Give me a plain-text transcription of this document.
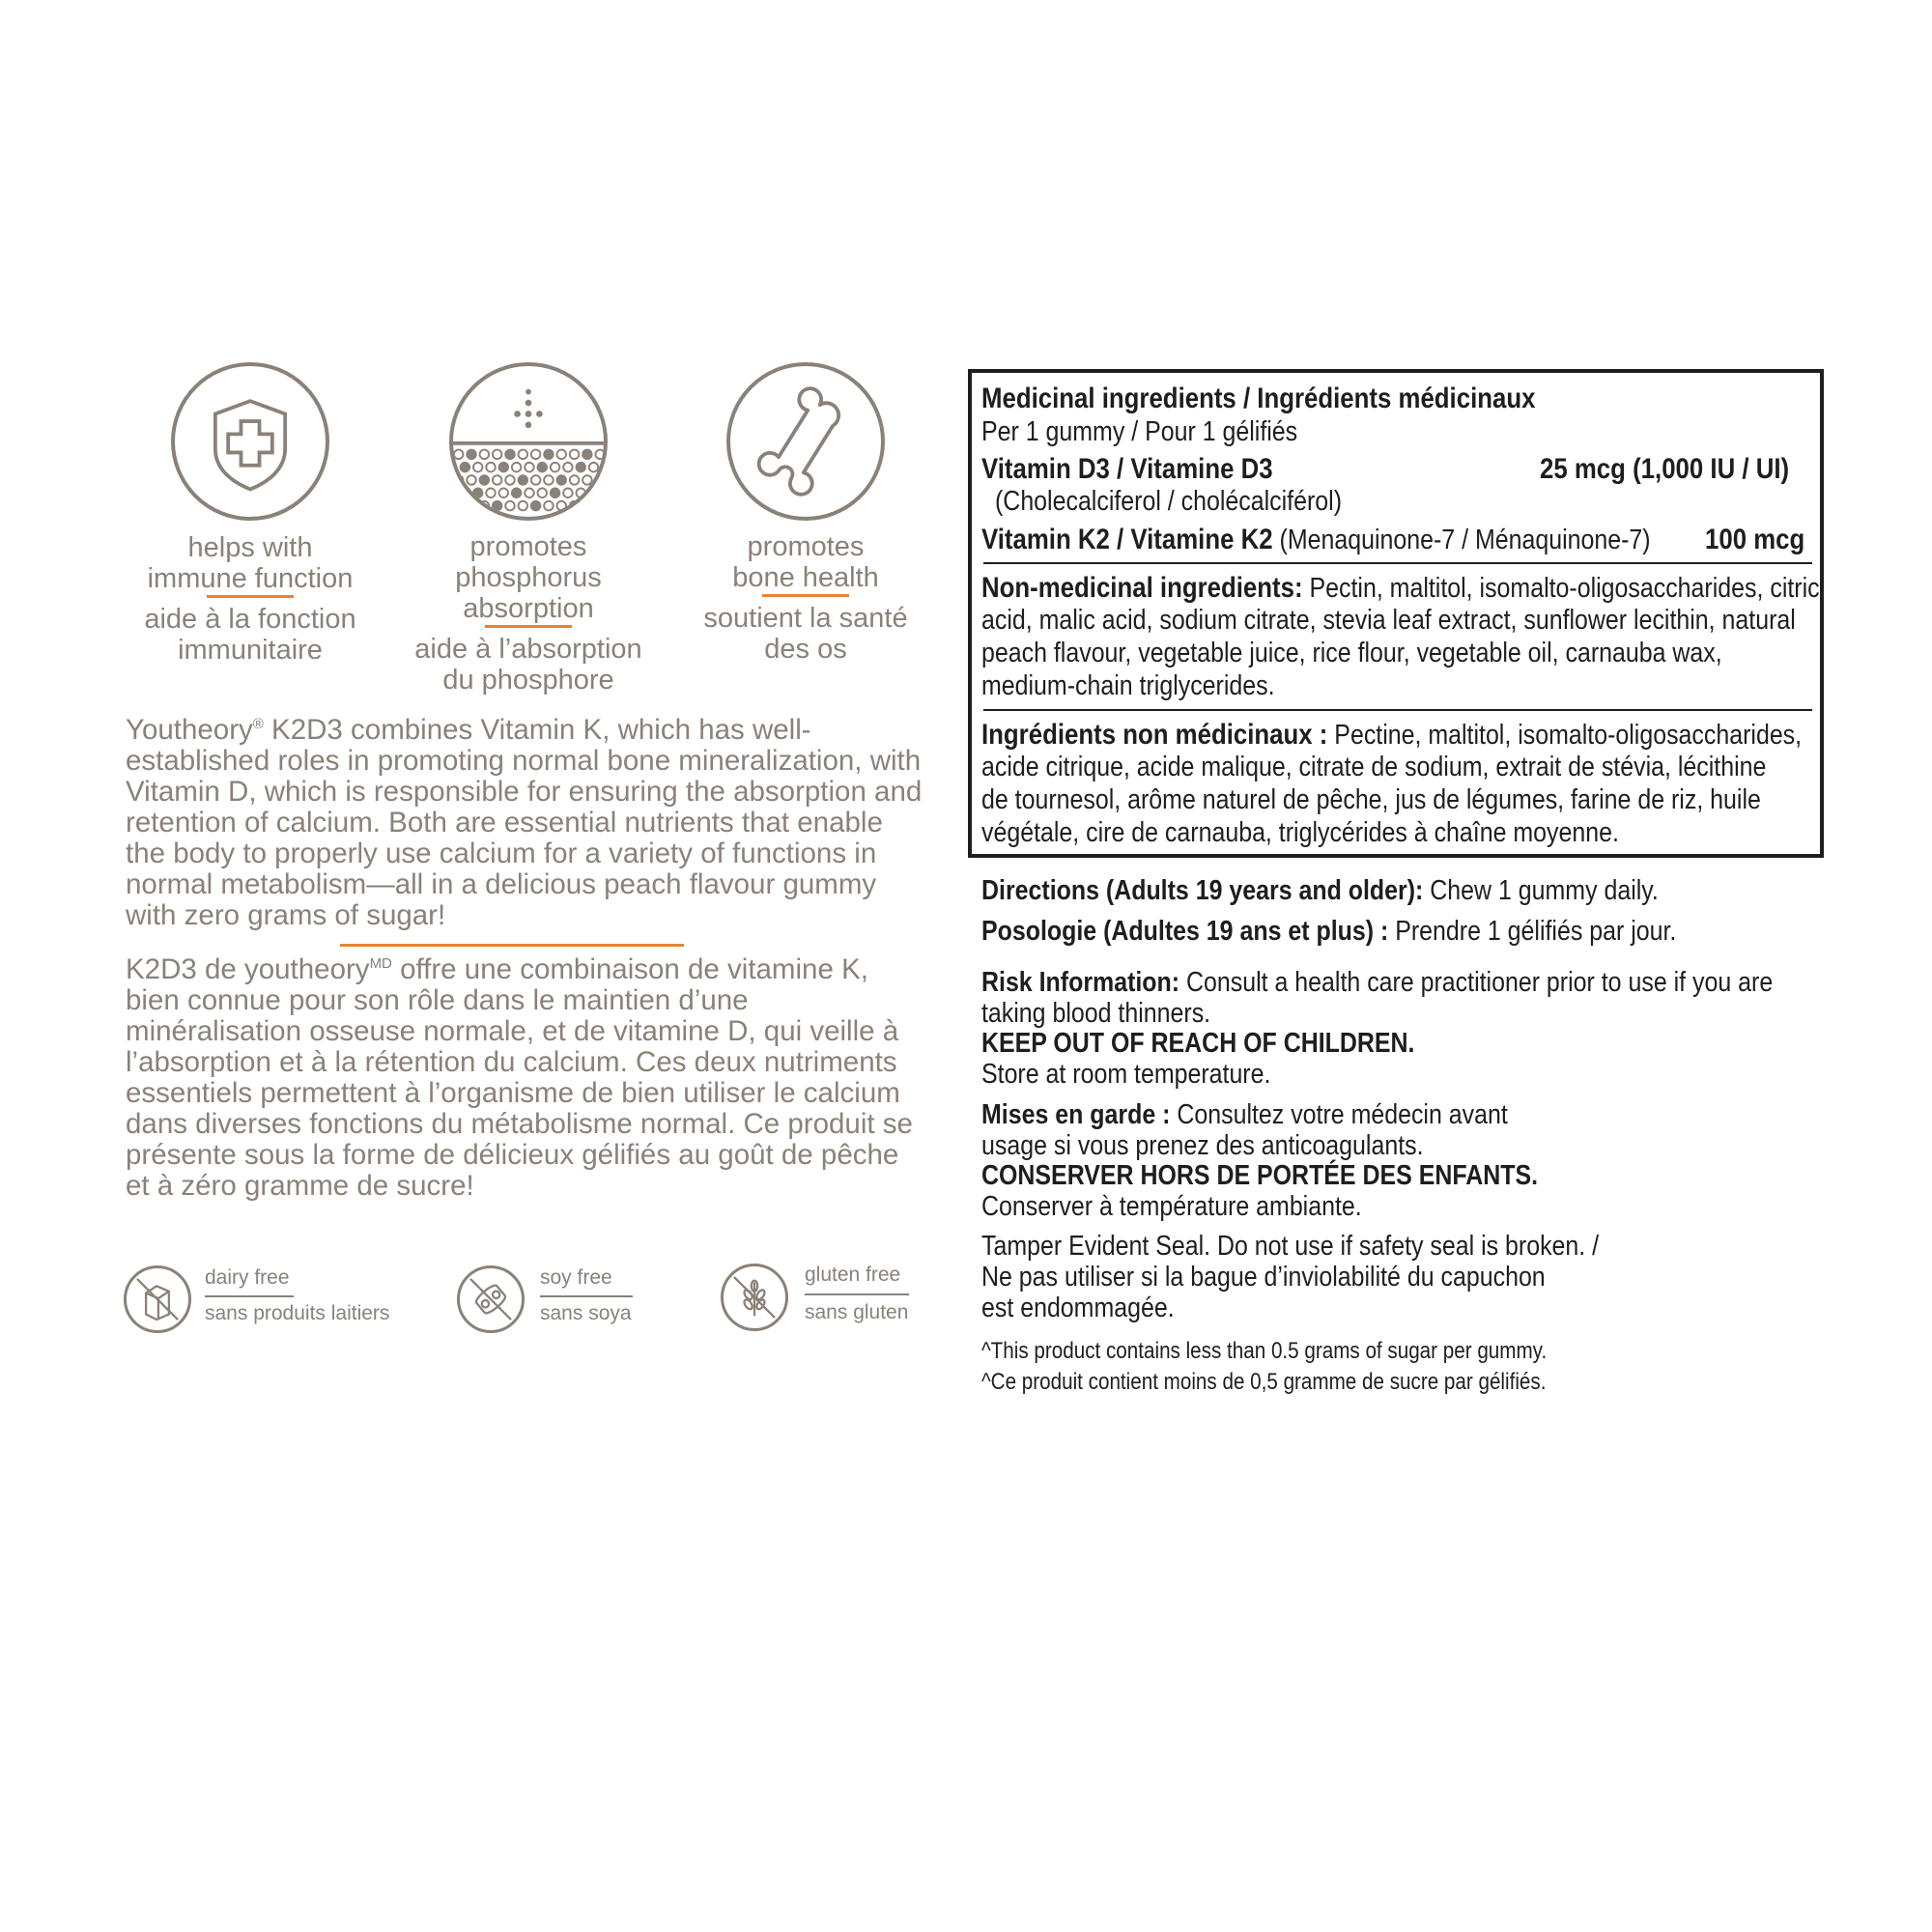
helps with
immune function
aide à la fonction
immunitaire
promotes
phosphorus
absorption
aide à l’absorption
du phosphore
promotes
bone health
soutient la santé
des os
Youtheory® K2D3 combines Vitamin K, which has well-established roles in promoting normal bone mineralization, with Vitamin D, which is responsible for ensuring the absorption and retention of calcium. Both are essential nutrients that enable the body to properly use calcium for a variety of functions in normal metabolism—all in a delicious peach flavour gummy with zero grams of sugar!
K2D3 de youtheory$^{MD}$ offre une combinaison de vitamine K, bien connue pour son rôle dans le maintien d’une minéralisation osseuse normale, et de vitamine D, qui veille à l’absorption et à la rétention du calcium. Ces deux nutriments essentiels permettent à l’organisme de bien utiliser le calcium dans diverses fonctions du métabolisme normal. Ce produit se présente sous la forme de délicieux gélifiés au goût de pêche et à zéro gramme de sucre!
dairy free
sans produits laitiers
soy free
sans soya
gluten free
sans gluten
Medicinal ingredients / Ingrédients médicinaux
Per 1 gummy / Pour 1 gélifiés
Vitamin D3 / Vitamine D3	25 mcg (1,000 IU / UI)
(Cholecalciferol / cholécalciférol)
Vitamin K2 / Vitamine K2 (Menaquinone-7 / Ménaquinone-7) 100 mcg
Non-medicinal ingredients: Pectin, maltitol, isomalto-oligosaccharides, citric
acid, malic acid, sodium citrate, stevia leaf extract, sunflower lecithin, natural
peach flavour, vegetable juice, rice flour, vegetable oil, carnauba wax,
medium-chain triglycerides.
Ingrédients non médicinaux : Pectine, maltitol, isomalto-oligosaccharides,
acide citrique, acide malique, citrate de sodium, extrait de stévia, lécithine
de tournesol, arôme naturel de pêche, jus de légumes, farine de riz, huile
végétale, cire de carnauba, triglycérides à chaîne moyenne.
Directions (Adults 19 years and older): Chew 1 gummy daily.
Posologie (Adultes 19 ans et plus) : Prendre 1 gélifiés par jour.
Risk Information: Consult a health care practitioner prior to use if you are
taking blood thinners.
KEEP OUT OF REACH OF CHILDREN.
Store at room temperature.
Mises en garde : Consultez votre médecin avant
usage si vous prenez des anticoagulants.
CONSERVER HORS DE PORTÉE DES ENFANTS.
Conserver à température ambiante.
Tamper Evident Seal. Do not use if safety seal is broken. /
Ne pas utiliser si la bague d’inviolabilité du capuchon
est endommagée.
^This product contains less than 0.5 grams of sugar per gummy.
^Ce produit contient moins de 0,5 gramme de sucre par gélifiés.
